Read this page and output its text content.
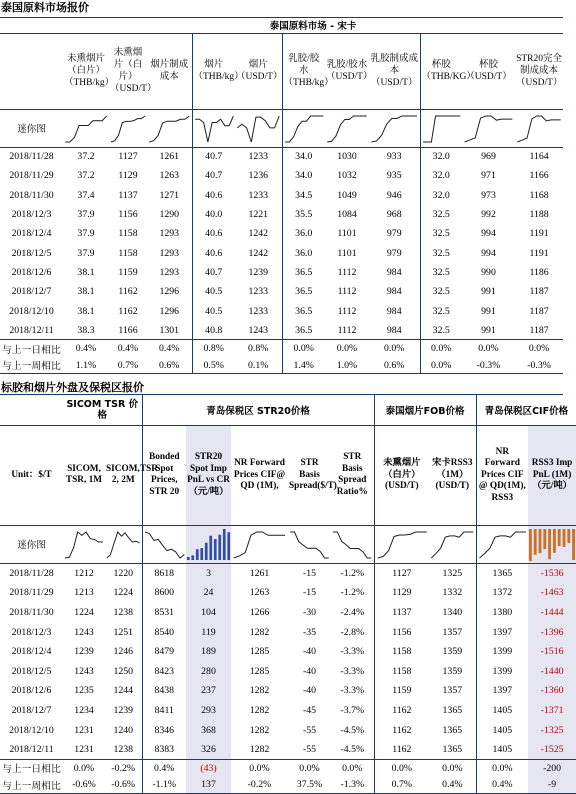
泰国原料市场报价
	泰国原料市场 - 宋卡										
	未熏烟片（白片）（THB/kg）	未熏烟片（白片）（USD/T）	烟片制成成本	烟片（THB/kg）	烟片（USD/T）	乳胶/胶水（THB/kg）	乳胶/胶水（USD/T）	乳胶制成成本（USD/T）	杯胶（THB/KG）	杯胶（USD/T）	STR20完全制成成本（USD/T）
迷你图	

2018/11/28	37.2	1127	1261	40.7	1233	34.0	1030	933	32.0	969	1164
2018/11/29	37.2	1129	1263	40.7	1236	34.0	1032	935	32.0	971	1166
2018/11/30	37.4	1137	1271	40.6	1233	34.5	1049	946	32.0	973	1168
2018/12/3	37.9	1156	1290	40.0	1221	35.5	1084	968	32.5	992	1188
2018/12/4	37.9	1158	1293	40.6	1242	36.0	1101	979	32.5	994	1191
2018/12/5	37.9	1158	1293	40.6	1242	36.0	1101	979	32.5	994	1191
2018/12/6	38.1	1159	1293	40.7	1239	36.5	1112	984	32.5	990	1186
2018/12/7	38.1	1162	1296	40.5	1233	36.5	1112	984	32.5	991	1187
2018/12/10	38.1	1162	1296	40.5	1233	36.5	1112	984	32.5	991	1187
2018/12/11	38.3	1166	1301	40.8	1243	36.5	1112	984	32.5	991	1187
与上一日相比	0.4%	0.4%	0.4%	0.8%	0.8%	0.0%	0.0%	0.0%	0.0%	0.0%	0.0%
与上一周相比	1.1%	0.7%	0.6%	0.5%	0.1%	1.4%	1.0%	0.6%	0.0%	-0.3%	-0.3%
标胶和烟片外盘及保税区报价
	SICOM TSR 价格		青岛保税区 STR20价格					泰国烟片FOB价格		青岛保税区CIF价格	
Unit：$/T	SICOM, TSR, 1M	SICOM,TSR 2, 2M	Bonded Spot Prices, STR 20	STR20 Spot Imp PnL vs CR（元/吨）	NR Forward Prices CIF@ QD (1M),	STR Basis Spread($/T)	STR Basis Spread Ratio%	未熏烟片（白片）(USD/T)	宋卡RSS3（1M）(USD/T)	NR Forward Prices CIF @ QD(1M), RSS3	RSS3 Imp PnL (1M)（元/吨）
迷你图	

2018/11/28	1212	1220	8618	3	1261	-15	-1.2%	1127	1325	1365	-1536
2018/11/29	1213	1224	8600	24	1263	-15	-1.2%	1129	1332	1372	-1463
2018/11/30	1224	1238	8531	104	1266	-30	-2.4%	1137	1340	1380	-1444
2018/12/3	1243	1251	8540	119	1282	-35	-2.8%	1156	1357	1397	-1396
2018/12/4	1239	1246	8479	189	1285	-40	-3.3%	1158	1359	1399	-1516
2018/12/5	1243	1250	8423	280	1285	-40	-3.3%	1158	1359	1399	-1440
2018/12/6	1235	1244	8438	237	1282	-40	-3.3%	1159	1357	1397	-1360
2018/12/7	1234	1239	8411	293	1282	-45	-3.7%	1162	1365	1405	-1371
2018/12/10	1231	1240	8346	368	1282	-55	-4.5%	1162	1365	1405	-1325
2018/12/11	1231	1238	8383	326	1282	-55	-4.5%	1162	1365	1405	-1525
与上一日相比	0.0%	-0.2%	0.4%	(43)	0.0%	0.0%	0.0%	0.0%	0.0%	0.0%	-200
与上一周相比	-0.6%	-0.6%	-1.1%	137	-0.2%	37.5%	-1.3%	0.7%	0.4%	0.4%	-9
